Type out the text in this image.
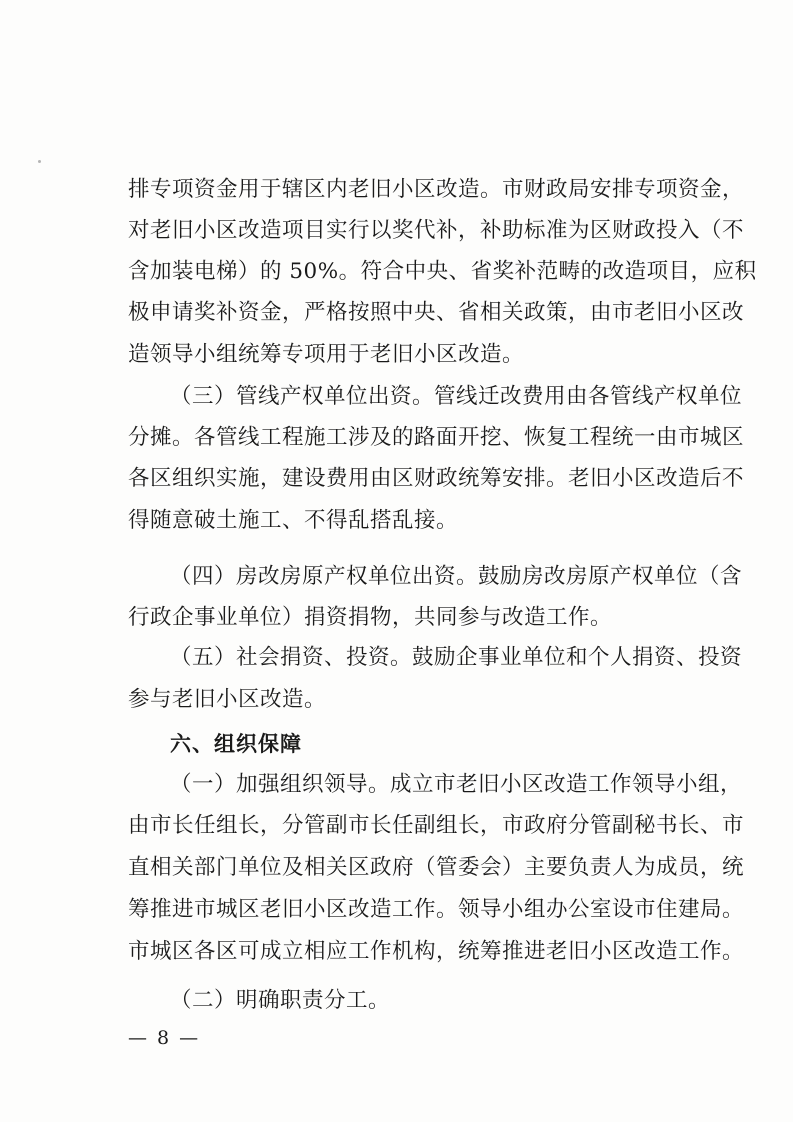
排专项资金用于辖区内老旧小区改造。市财政局安排专项资金，
对老旧小区改造项目实行以奖代补，补助标准为区财政投入（不
含加装电梯）的 50%。符合中央、省奖补范畴的改造项目，应积
极申请奖补资金，严格按照中央、省相关政策，由市老旧小区改
造领导小组统筹专项用于老旧小区改造。
（三）管线产权单位出资。管线迁改费用由各管线产权单位
分摊。各管线工程施工涉及的路面开挖、恢复工程统一由市城区
各区组织实施，建设费用由区财政统筹安排。老旧小区改造后不
得随意破土施工、不得乱搭乱接。
（四）房改房原产权单位出资。鼓励房改房原产权单位（含
行政企事业单位）捐资捐物，共同参与改造工作。
（五）社会捐资、投资。鼓励企事业单位和个人捐资、投资
参与老旧小区改造。
六、组织保障
（一）加强组织领导。成立市老旧小区改造工作领导小组，
由市长任组长，分管副市长任副组长，市政府分管副秘书长、市
直相关部门单位及相关区政府（管委会）主要负责人为成员，统
筹推进市城区老旧小区改造工作。领导小组办公室设市住建局。
市城区各区可成立相应工作机构，统筹推进老旧小区改造工作。
（二）明确职责分工。
— 8 —
